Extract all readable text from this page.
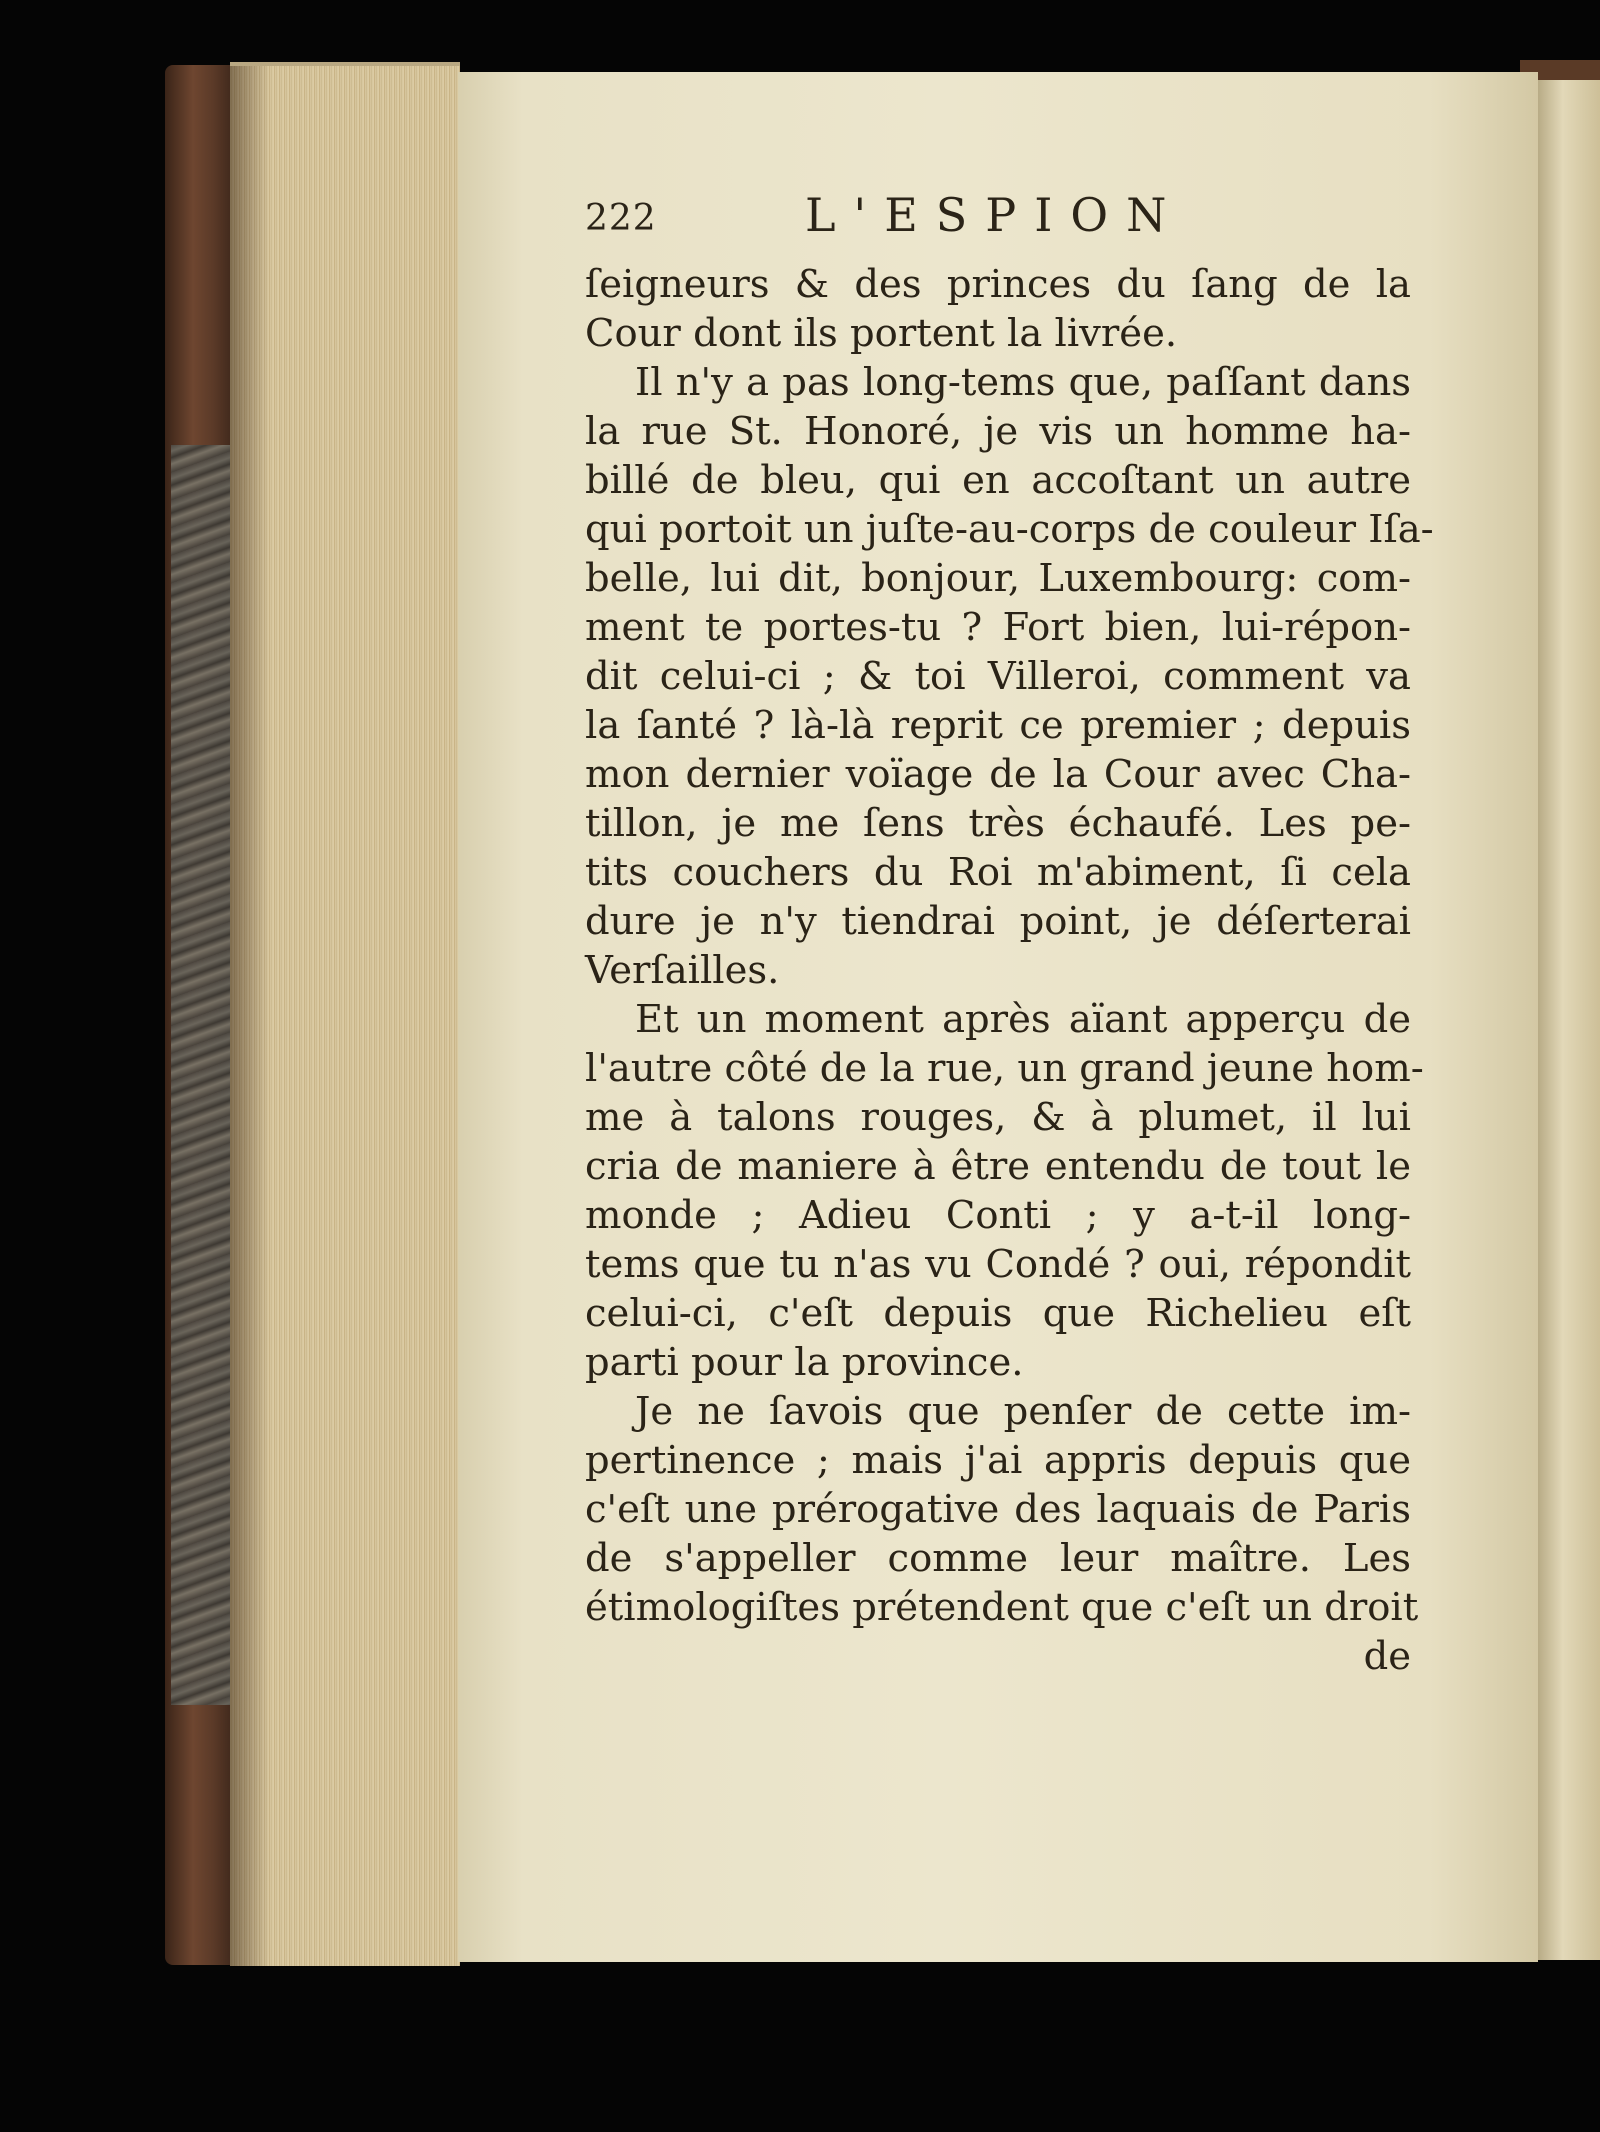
222	L'ESPION
ſeigneurs & des princes du ſang de la
Cour dont ils portent la livrée.
Il n'y a pas long-tems que, paſſant dans
la rue St. Honoré, je vis un homme ha-
billé de bleu, qui en accoſtant un autre
qui portoit un juſte-au-corps de couleur Iſa-
belle, lui dit, bonjour, Luxembourg: com-
ment te portes-tu ? Fort bien, lui-répon-
dit celui-ci ; & toi Villeroi, comment va
la ſanté ? là-là reprit ce premier ; depuis
mon dernier voïage de la Cour avec Cha-
tillon, je me ſens très échaufé. Les pe-
tits couchers du Roi m'abiment, ſi cela
dure je n'y tiendrai point, je déſerterai
Verſailles.
Et un moment après aïant apperçu de
l'autre côté de la rue, un grand jeune hom-
me à talons rouges, & à plumet, il lui
cria de maniere à être entendu de tout le
monde ; Adieu Conti ; y a-t-il long-
tems que tu n'as vu Condé ? oui, répondit
celui-ci, c'eſt depuis que Richelieu eſt
parti pour la province.
Je ne ſavois que penſer de cette im-
pertinence ; mais j'ai appris depuis que
c'eſt une prérogative des laquais de Paris
de s'appeller comme leur maître. Les
étimologiſtes prétendent que c'eſt un droit
de
